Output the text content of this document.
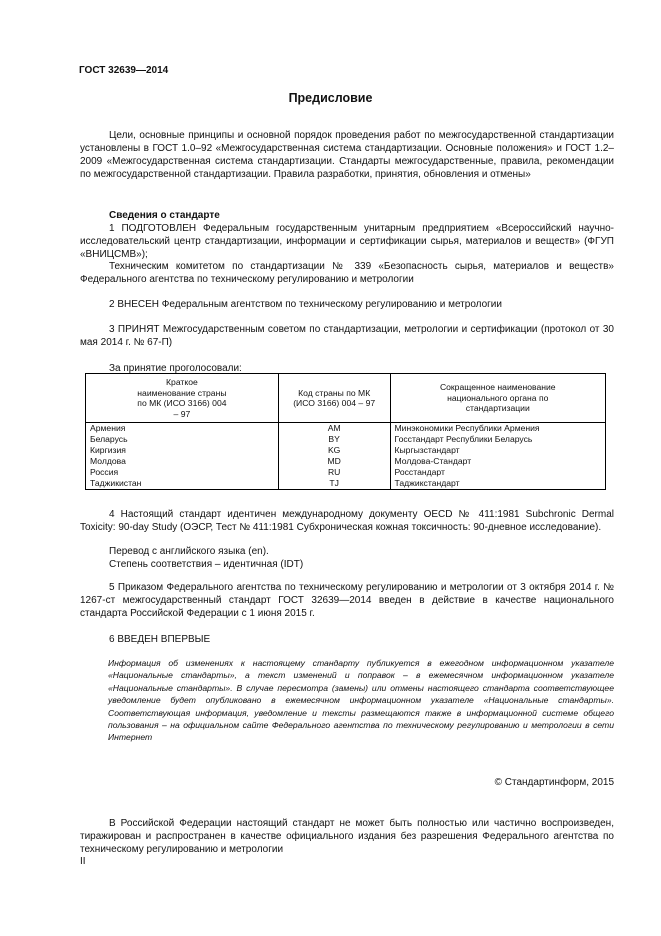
ГОСТ 32639—2014
Предисловие
Цели, основные принципы и основной порядок проведения работ по межгосударственной стандартизации установлены в ГОСТ 1.0–92 «Межгосударственная система стандартизации. Основные положения» и ГОСТ 1.2–2009 «Межгосударственная система стандартизации. Стандарты межгосударственные, правила, рекомендации по межгосударственной стандартизации. Правила разработки, принятия, обновления и отмены»
Сведения о стандарте
1 ПОДГОТОВЛЕН Федеральным государственным унитарным предприятием «Всероссийский научно-исследовательский центр стандартизации, информации и сертификации сырья, материалов и веществ» (ФГУП «ВНИЦСМВ»);
Техническим комитетом по стандартизации № 339 «Безопасность сырья, материалов и веществ» Федерального агентства по техническому регулированию и метрологии
2 ВНЕСЕН Федеральным агентством по техническому регулированию и метрологии
3 ПРИНЯТ Межгосударственным советом по стандартизации, метрологии и сертификации (протокол от 30 мая 2014 г. № 67-П)
За принятие проголосовали:
Краткое наименование страны по МК (ИСО 3166) 004 – 97	Код страны по МК (ИСО 3166) 004 – 97	Сокращенное наименование национального органа по стандартизации
Армения	AM	Минэкономики Республики Армения
Беларусь	BY	Госстандарт Республики Беларусь
Киргизия	KG	Кыргызстандарт
Молдова	MD	Молдова-Стандарт
Россия	RU	Росстандарт
Таджикистан	TJ	Таджикстандарт
4 Настоящий стандарт идентичен международному документу OECD № 411:1981 Subchronic Dermal Toxicity: 90-day Study (ОЭСР, Тест № 411:1981 Субхроническая кожная токсичность: 90-дневное исследование).
Перевод с английского языка (en).
Степень соответствия – идентичная (IDT)
5 Приказом Федерального агентства по техническому регулированию и метрологии от 3 октября 2014 г. № 1267-ст межгосударственный стандарт ГОСТ 32639—2014 введен в действие в качестве национального стандарта Российской Федерации с 1 июня 2015 г.
6 ВВЕДЕН ВПЕРВЫЕ
Информация об изменениях к настоящему стандарту публикуется в ежегодном информационном указателе «Национальные стандарты», а текст изменений и поправок – в ежемесячном информационном указателе «Национальные стандарты». В случае пересмотра (замены) или отмены настоящего стандарта соответствующее уведомление будет опубликовано в ежемесячном информационном указателе «Национальные стандарты». Соответствующая информация, уведомление и тексты размещаются также в информационной системе общего пользования – на официальном сайте Федерального агентства по техническому регулированию и метрологии в сети Интернет
© Стандартинформ, 2015
В Российской Федерации настоящий стандарт не может быть полностью или частично воспроизведен, тиражирован и распространен в качестве официального издания без разрешения Федерального агентства по техническому регулированию и метрологии
II
